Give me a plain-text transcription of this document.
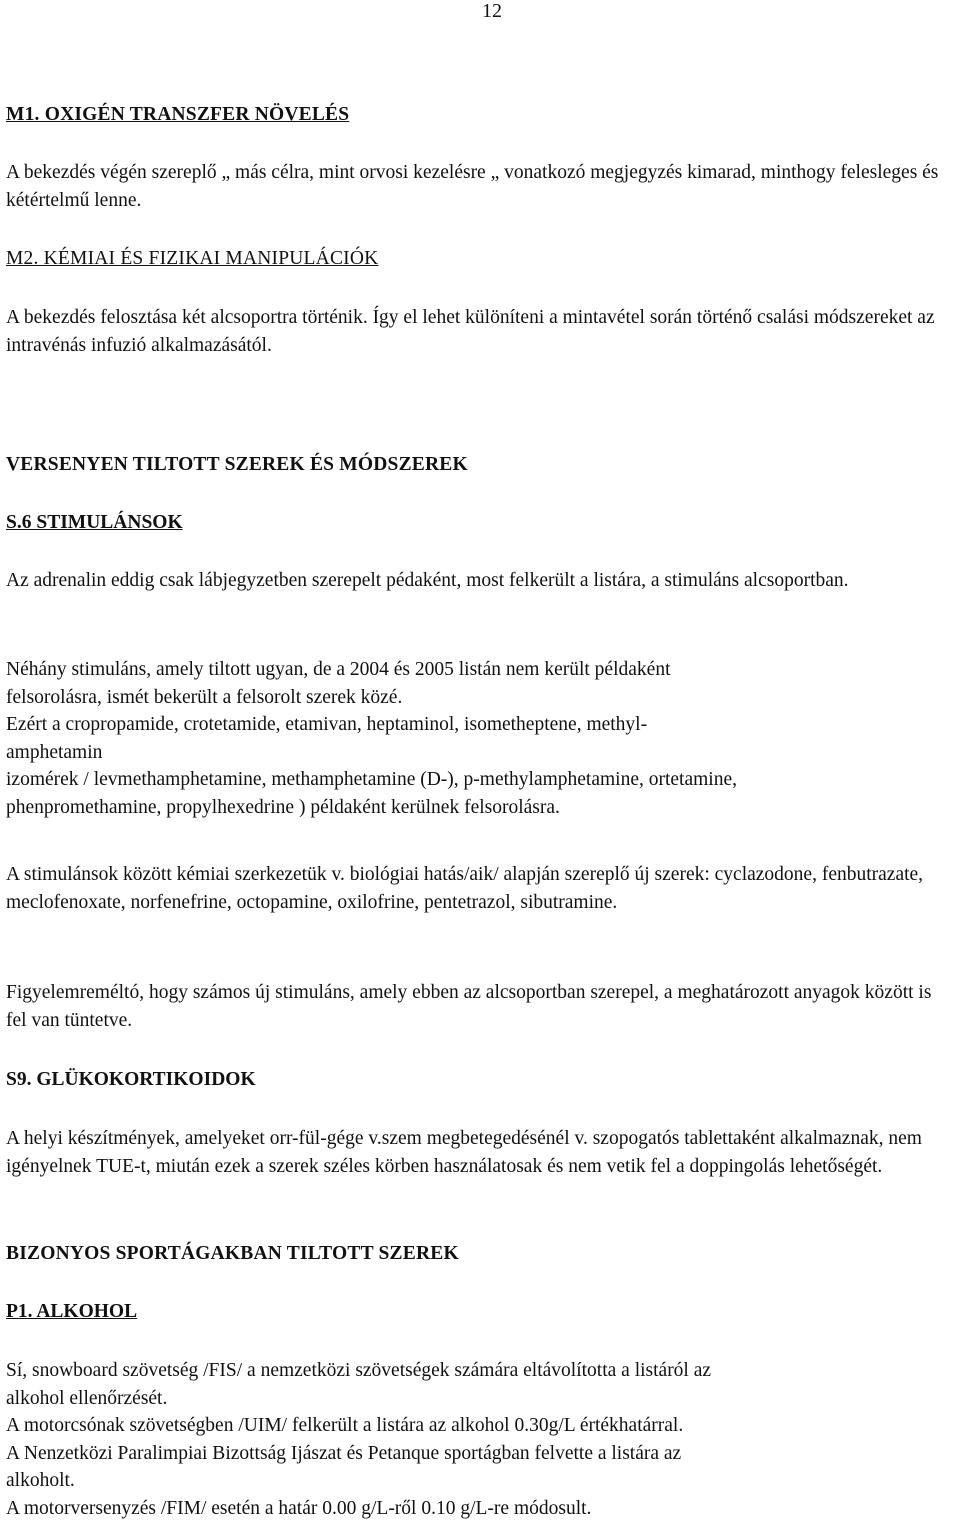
12

M1. OXIGÉN TRANSZFER NÖVELÉS

A bekezdés végén szereplő „ más célra, mint orvosi kezelésre „ vonatkozó megjegyzés kimarad, minthogy felesleges és kétértelmű lenne.

M2. KÉMIAI ÉS FIZIKAI MANIPULÁCIÓK

A bekezdés felosztása két alcsoportra történik. Így el lehet különíteni a mintavétel során történő csalási módszereket az intravénás infuzió alkalmazásától.

VERSENYEN TILTOTT SZEREK ÉS MÓDSZEREK

S.6 STIMULÁNSOK

Az adrenalin eddig csak lábjegyzetben szerepelt pédaként, most felkerült a listára, a stimuláns alcsoportban.

Néhány stimuláns, amely tiltott ugyan, de a 2004 és 2005 listán nem került példaként

felsorolásra, ismét bekerült a felsorolt szerek közé.

Ezért a cropropamide, crotetamide, etamivan, heptaminol, isometheptene, methyl-

amphetamin

izomérek / levmethamphetamine, methamphetamine (D-), p-methylamphetamine, ortetamine,

phenpromethamine, propylhexedrine ) példaként kerülnek felsorolásra.

A stimulánsok között kémiai szerkezetük v. biológiai hatás/aik/ alapján szereplő új szerek: cyclazodone, fenbutrazate, meclofenoxate, norfenefrine, octopamine, oxilofrine, pentetrazol, sibutramine.

Figyelemreméltó, hogy számos új stimuláns, amely ebben az alcsoportban szerepel, a meghatározott anyagok között is fel van tüntetve.

S9. GLÜKOKORTIKOIDOK

A helyi készítmények, amelyeket orr-fül-gége v.szem megbetegedésénél v. szopogatós tablettaként alkalmaznak, nem igényelnek TUE-t, miután ezek a szerek széles körben használatosak és nem vetik fel a doppingolás lehetőségét.

BIZONYOS SPORTÁGAKBAN TILTOTT SZEREK

P1. ALKOHOL

Sí, snowboard szövetség /FIS/ a nemzetközi szövetségek számára eltávolította a listáról az

alkohol ellenőrzését.

A motorcsónak szövetségben /UIM/ felkerült a listára az alkohol 0.30g/L értékhatárral.

A Nenzetközi Paralimpiai Bizottság Ijászat és Petanque sportágban felvette a listára az

alkoholt.

A motorversenyzés /FIM/ esetén a határ 0.00 g/L-ről 0.10 g/L-re módosult.
